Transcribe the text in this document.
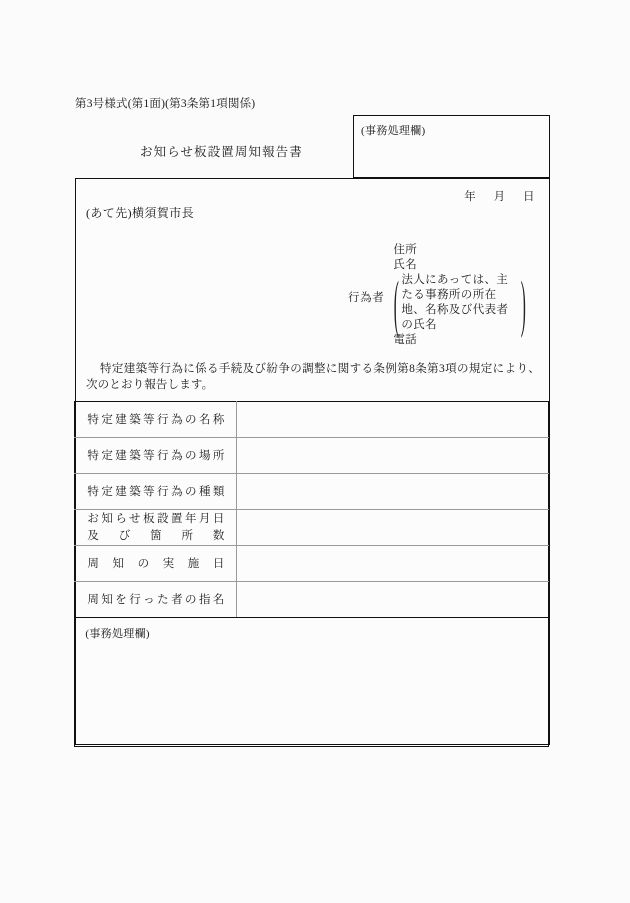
第3号様式(第1面)(第3条第1項関係)
お知らせ板設置周知報告書
(事務処理欄)
年 月 日
(あて先)横須賀市長
行為者
住所
氏名
( 法人にあっては、主たる事務所の所在地、名称及び代表者の氏名	)
電話
特定建築等行為に係る手続及び紛争の調整に関する条例第8条第3項の規定により、次のとおり報告します。
特定建築等行為の名称	

特定建築等行為の場所	

特定建築等行為の種類	

お知らせ板設置年月日
及び箇所数	

周知の実施日	

周知を行った者の指名	

(事務処理欄)
